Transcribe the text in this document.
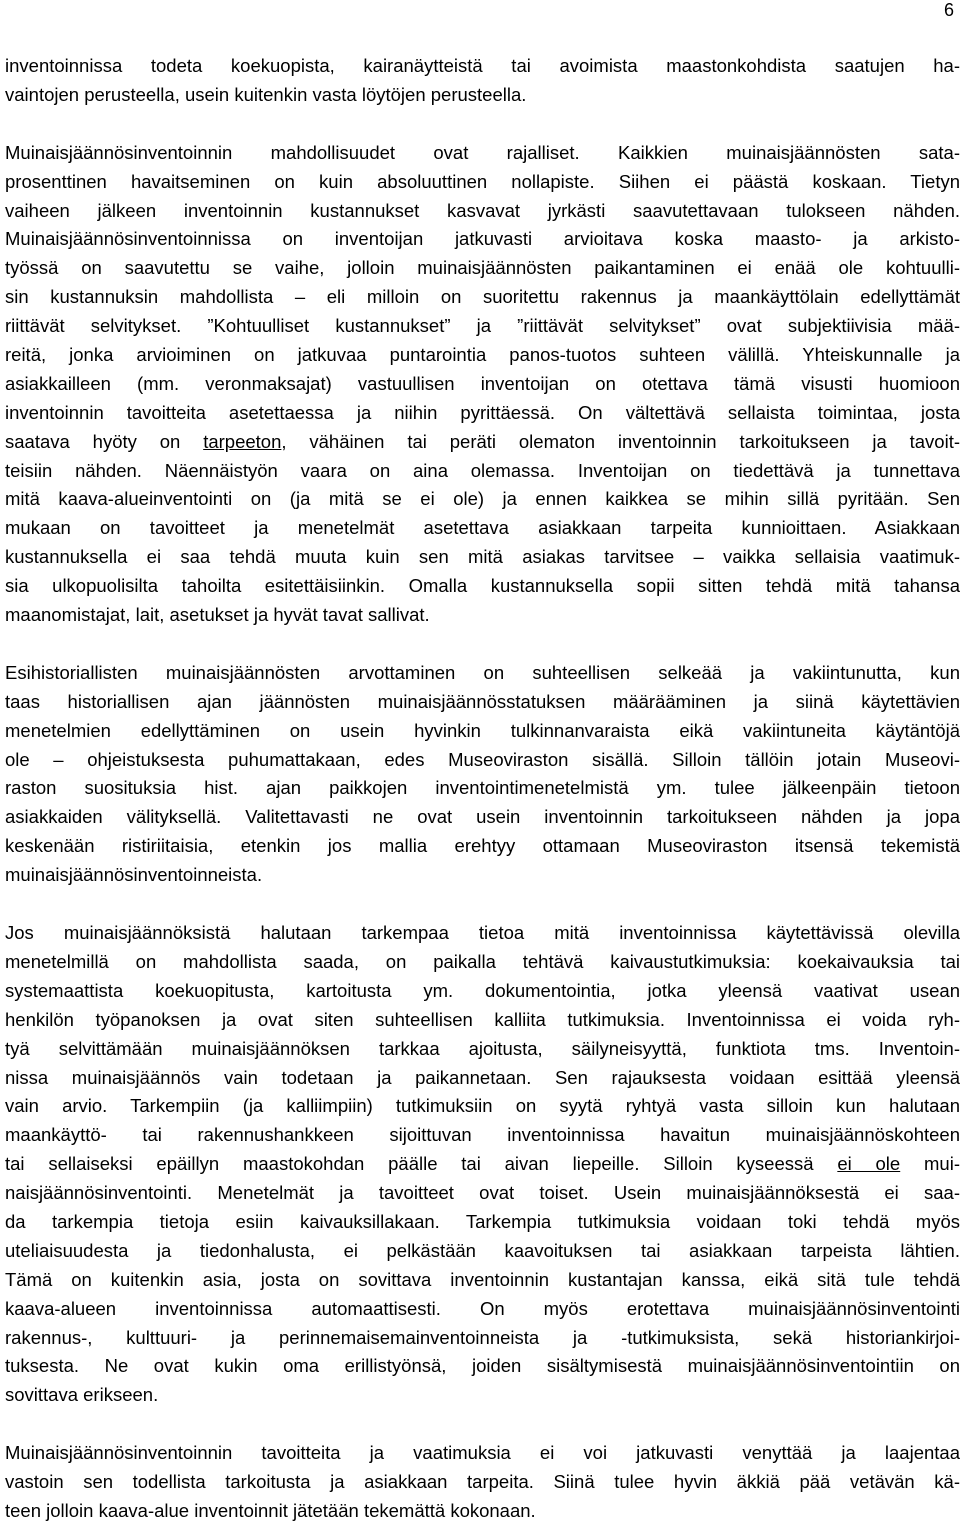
6
inventoinnissa todeta koekuopista, kairanäytteistä tai avoimista maastonkohdista saatujen ha-
vaintojen perusteella, usein kuitenkin vasta löytöjen perusteella.
Muinaisjäännösinventoinnin mahdollisuudet ovat rajalliset. Kaikkien muinaisjäännösten sata-
prosenttinen havaitseminen on kuin absoluuttinen nollapiste. Siihen ei päästä koskaan. Tietyn
vaiheen jälkeen inventoinnin kustannukset kasvavat jyrkästi saavutettavaan tulokseen nähden.
Muinaisjäännösinventoinnissa on inventoijan jatkuvasti arvioitava koska maasto- ja arkisto-
työssä on saavutettu se vaihe, jolloin muinaisjäännösten paikantaminen ei enää ole kohtuulli-
sin kustannuksin mahdollista – eli milloin on suoritettu rakennus ja maankäyttölain edellyttämät
riittävät selvitykset. ”Kohtuulliset kustannukset” ja ”riittävät selvitykset” ovat subjektiivisia mää-
reitä, jonka arvioiminen on jatkuvaa puntarointia panos-tuotos suhteen välillä. Yhteiskunnalle ja
asiakkailleen (mm. veronmaksajat) vastuullisen inventoijan on otettava tämä visusti huomioon
inventoinnin tavoitteita asetettaessa ja niihin pyrittäessä. On vältettävä sellaista toimintaa, josta
saatava hyöty on tarpeeton, vähäinen tai peräti olematon inventoinnin tarkoitukseen ja tavoit-
teisiin nähden. Näennäistyön vaara on aina olemassa. Inventoijan on tiedettävä ja tunnettava
mitä kaava-alueinventointi on (ja mitä se ei ole) ja ennen kaikkea se mihin sillä pyritään. Sen
mukaan on tavoitteet ja menetelmät asetettava asiakkaan tarpeita kunnioittaen. Asiakkaan
kustannuksella ei saa tehdä muuta kuin sen mitä asiakas tarvitsee – vaikka sellaisia vaatimuk-
sia ulkopuolisilta tahoilta esitettäisiinkin. Omalla kustannuksella sopii sitten tehdä mitä tahansa
maanomistajat, lait, asetukset ja hyvät tavat sallivat.
Esihistoriallisten muinaisjäännösten arvottaminen on suhteellisen selkeää ja vakiintunutta, kun
taas historiallisen ajan jäännösten muinaisjäännösstatuksen määrääminen ja siinä käytettävien
menetelmien edellyttäminen on usein hyvinkin tulkinnanvaraista eikä vakiintuneita käytäntöjä
ole – ohjeistuksesta puhumattakaan, edes Museoviraston sisällä. Silloin tällöin jotain Museovi-
raston suosituksia hist. ajan paikkojen inventointimenetelmistä ym. tulee jälkeenpäin tietoon
asiakkaiden välityksellä. Valitettavasti ne ovat usein inventoinnin tarkoitukseen nähden ja jopa
keskenään ristiriitaisia, etenkin jos mallia erehtyy ottamaan Museoviraston itsensä tekemistä
muinaisjäännösinventoinneista.
Jos muinaisjäännöksistä halutaan tarkempaa tietoa mitä inventoinnissa käytettävissä olevilla
menetelmillä on mahdollista saada, on paikalla tehtävä kaivaustutkimuksia: koekaivauksia tai
systemaattista koekuopitusta, kartoitusta ym. dokumentointia, jotka yleensä vaativat usean
henkilön työpanoksen ja ovat siten suhteellisen kalliita tutkimuksia. Inventoinnissa ei voida ryh-
tyä selvittämään muinaisjäännöksen tarkkaa ajoitusta, säilyneisyyttä, funktiota tms. Inventoin-
nissa muinaisjäännös vain todetaan ja paikannetaan. Sen rajauksesta voidaan esittää yleensä
vain arvio. Tarkempiin (ja kalliimpiin) tutkimuksiin on syytä ryhtyä vasta silloin kun halutaan
maankäyttö- tai rakennushankkeen sijoittuvan inventoinnissa havaitun muinaisjäännöskohteen
tai sellaiseksi epäillyn maastokohdan päälle tai aivan liepeille. Silloin kyseessä ei ole mui-
naisjäännösinventointi. Menetelmät ja tavoitteet ovat toiset. Usein muinaisjäännöksestä ei saa-
da tarkempia tietoja esiin kaivauksillakaan. Tarkempia tutkimuksia voidaan toki tehdä myös
uteliaisuudesta ja tiedonhalusta, ei pelkästään kaavoituksen tai asiakkaan tarpeista lähtien.
Tämä on kuitenkin asia, josta on sovittava inventoinnin kustantajan kanssa, eikä sitä tule tehdä
kaava-alueen inventoinnissa automaattisesti. On myös erotettava muinaisjäännösinventointi
rakennus-, kulttuuri- ja perinnemaisemainventoinneista ja -tutkimuksista, sekä historiankirjoi-
tuksesta. Ne ovat kukin oma erillistyönsä, joiden sisältymisestä muinaisjäännösinventointiin on
sovittava erikseen.
Muinaisjäännösinventoinnin tavoitteita ja vaatimuksia ei voi jatkuvasti venyttää ja laajentaa
vastoin sen todellista tarkoitusta ja asiakkaan tarpeita. Siinä tulee hyvin äkkiä pää vetävän kä-
teen jolloin kaava-alue inventoinnit jätetään tekemättä kokonaan.
